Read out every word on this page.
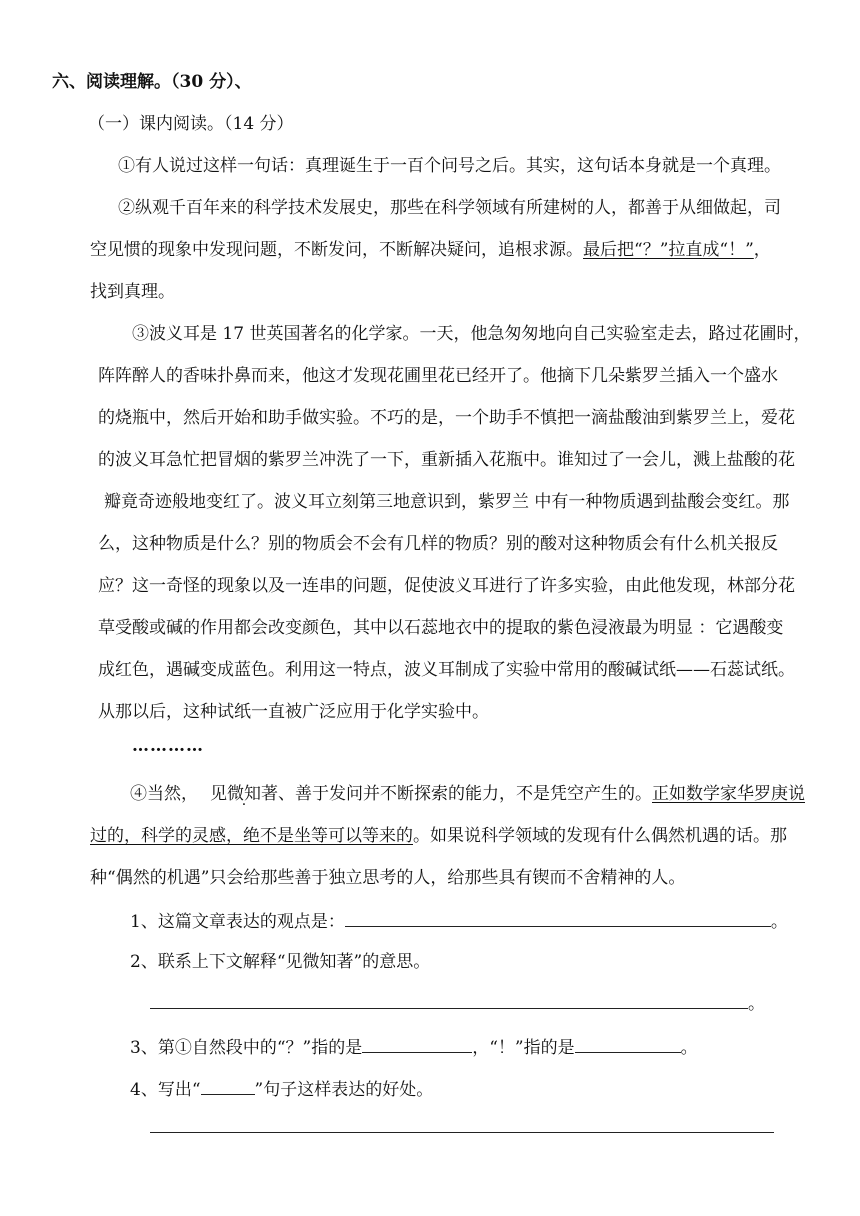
六、阅读理解。（30 分）、
（一）课内阅读。（14 分）
①有人说过这样一句话：真理诞生于一百个问号之后。其实，这句话本身就是一个真理。
②纵观千百年来的科学技术发展史，那些在科学领域有所建树的人，都善于从细做起，司
空见惯的现象中发现问题，不断发问，不断解决疑问，追根求源。最后把“？”拉直成“！”，
找到真理。
③波义耳是 17 世英国著名的化学家。一天，他急匆匆地向自己实验室走去，路过花圃时，
阵阵醉人的香味扑鼻而来，他这才发现花圃里花已经开了。他摘下几朵紫罗兰插入一个盛水
的烧瓶中，然后开始和助手做实验。不巧的是，一个助手不慎把一滴盐酸油到紫罗兰上，爱花
的波义耳急忙把冒烟的紫罗兰冲洗了一下，重新插入花瓶中。谁知过了一会儿，溅上盐酸的花
瓣竟奇迹般地变红了。波义耳立刻第三地意识到，紫罗兰 中有一种物质遇到盐酸会变红。那
么，这种物质是什么？别的物质会不会有几样的物质？别的酸对这种物质会有什么机关报反
应？这一奇怪的现象以及一连串的问题，促使波义耳进行了许多实验，由此他发现，林部分花
草受酸或碱的作用都会改变颜色，其中以石蕊地衣中的提取的紫色浸液最为明显 ：它遇酸变
成红色，遇碱变成蓝色。利用这一特点，波义耳制成了实验中常用的酸碱试纸——石蕊试纸。
从那以后，这种试纸一直被广泛应用于化学实验中。
…………
④当然， 见微知著、善于发问并不断探索的能力，不是凭空产生的。正如数学家华罗庚说
过的，科学的灵感，绝不是坐等可以等来的。如果说科学领域的发现有什么偶然机遇的话。那
种“偶然的机遇”只会给那些善于独立思考的人，给那些具有锲而不舍精神的人。
1、这篇文章表达的观点是：	。
2、联系上下文解释“见微知著”的意思。
。
3、第①自然段中的“？”指的是	，“！”指的是	。
4、写出“	”句子这样表达的好处。
